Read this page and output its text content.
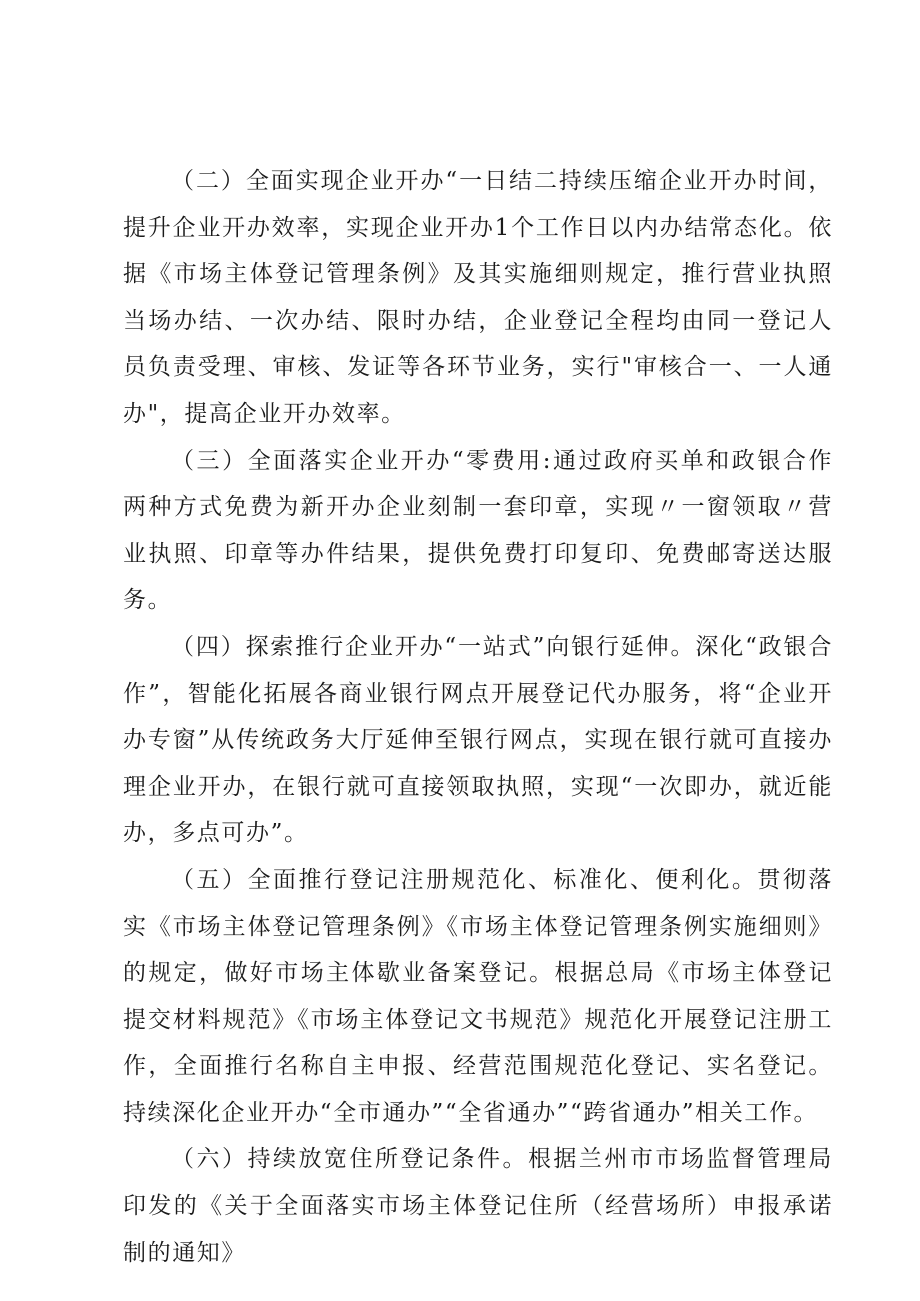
（二）全面实现企业开办“一日结二持续压缩企业开办时间，提升企业开办效率，实现企业开办1个工作日以内办结常态化。依据《市场主体登记管理条例》及其实施细则规定，推行营业执照当场办结、一次办结、限时办结，企业登记全程均由同一登记人员负责受理、审核、发证等各环节业务，实行"审核合一、一人通办"，提高企业开办效率。

（三）全面落实企业开办“零费用:通过政府买单和政银合作两种方式免费为新开办企业刻制一套印章，实现〃一窗领取〃营业执照、印章等办件结果，提供免费打印复印、免费邮寄送达服务。

（四）探索推行企业开办“一站式”向银行延伸。深化“政银合作”，智能化拓展各商业银行网点开展登记代办服务，将“企业开办专窗”从传统政务大厅延伸至银行网点，实现在银行就可直接办理企业开办，在银行就可直接领取执照，实现“一次即办，就近能办，多点可办”。

（五）全面推行登记注册规范化、标准化、便利化。贯彻落实《市场主体登记管理条例》《市场主体登记管理条例实施细则》的规定，做好市场主体歇业备案登记。根据总局《市场主体登记提交材料规范》《市场主体登记文书规范》规范化开展登记注册工作，全面推行名称自主申报、经营范围规范化登记、实名登记。持续深化企业开办“全市通办”“全省通办”“跨省通办”相关工作。

（六）持续放宽住所登记条件。根据兰州市市场监督管理局印发的《关于全面落实市场主体登记住所（经营场所）申报承诺制的通知》
